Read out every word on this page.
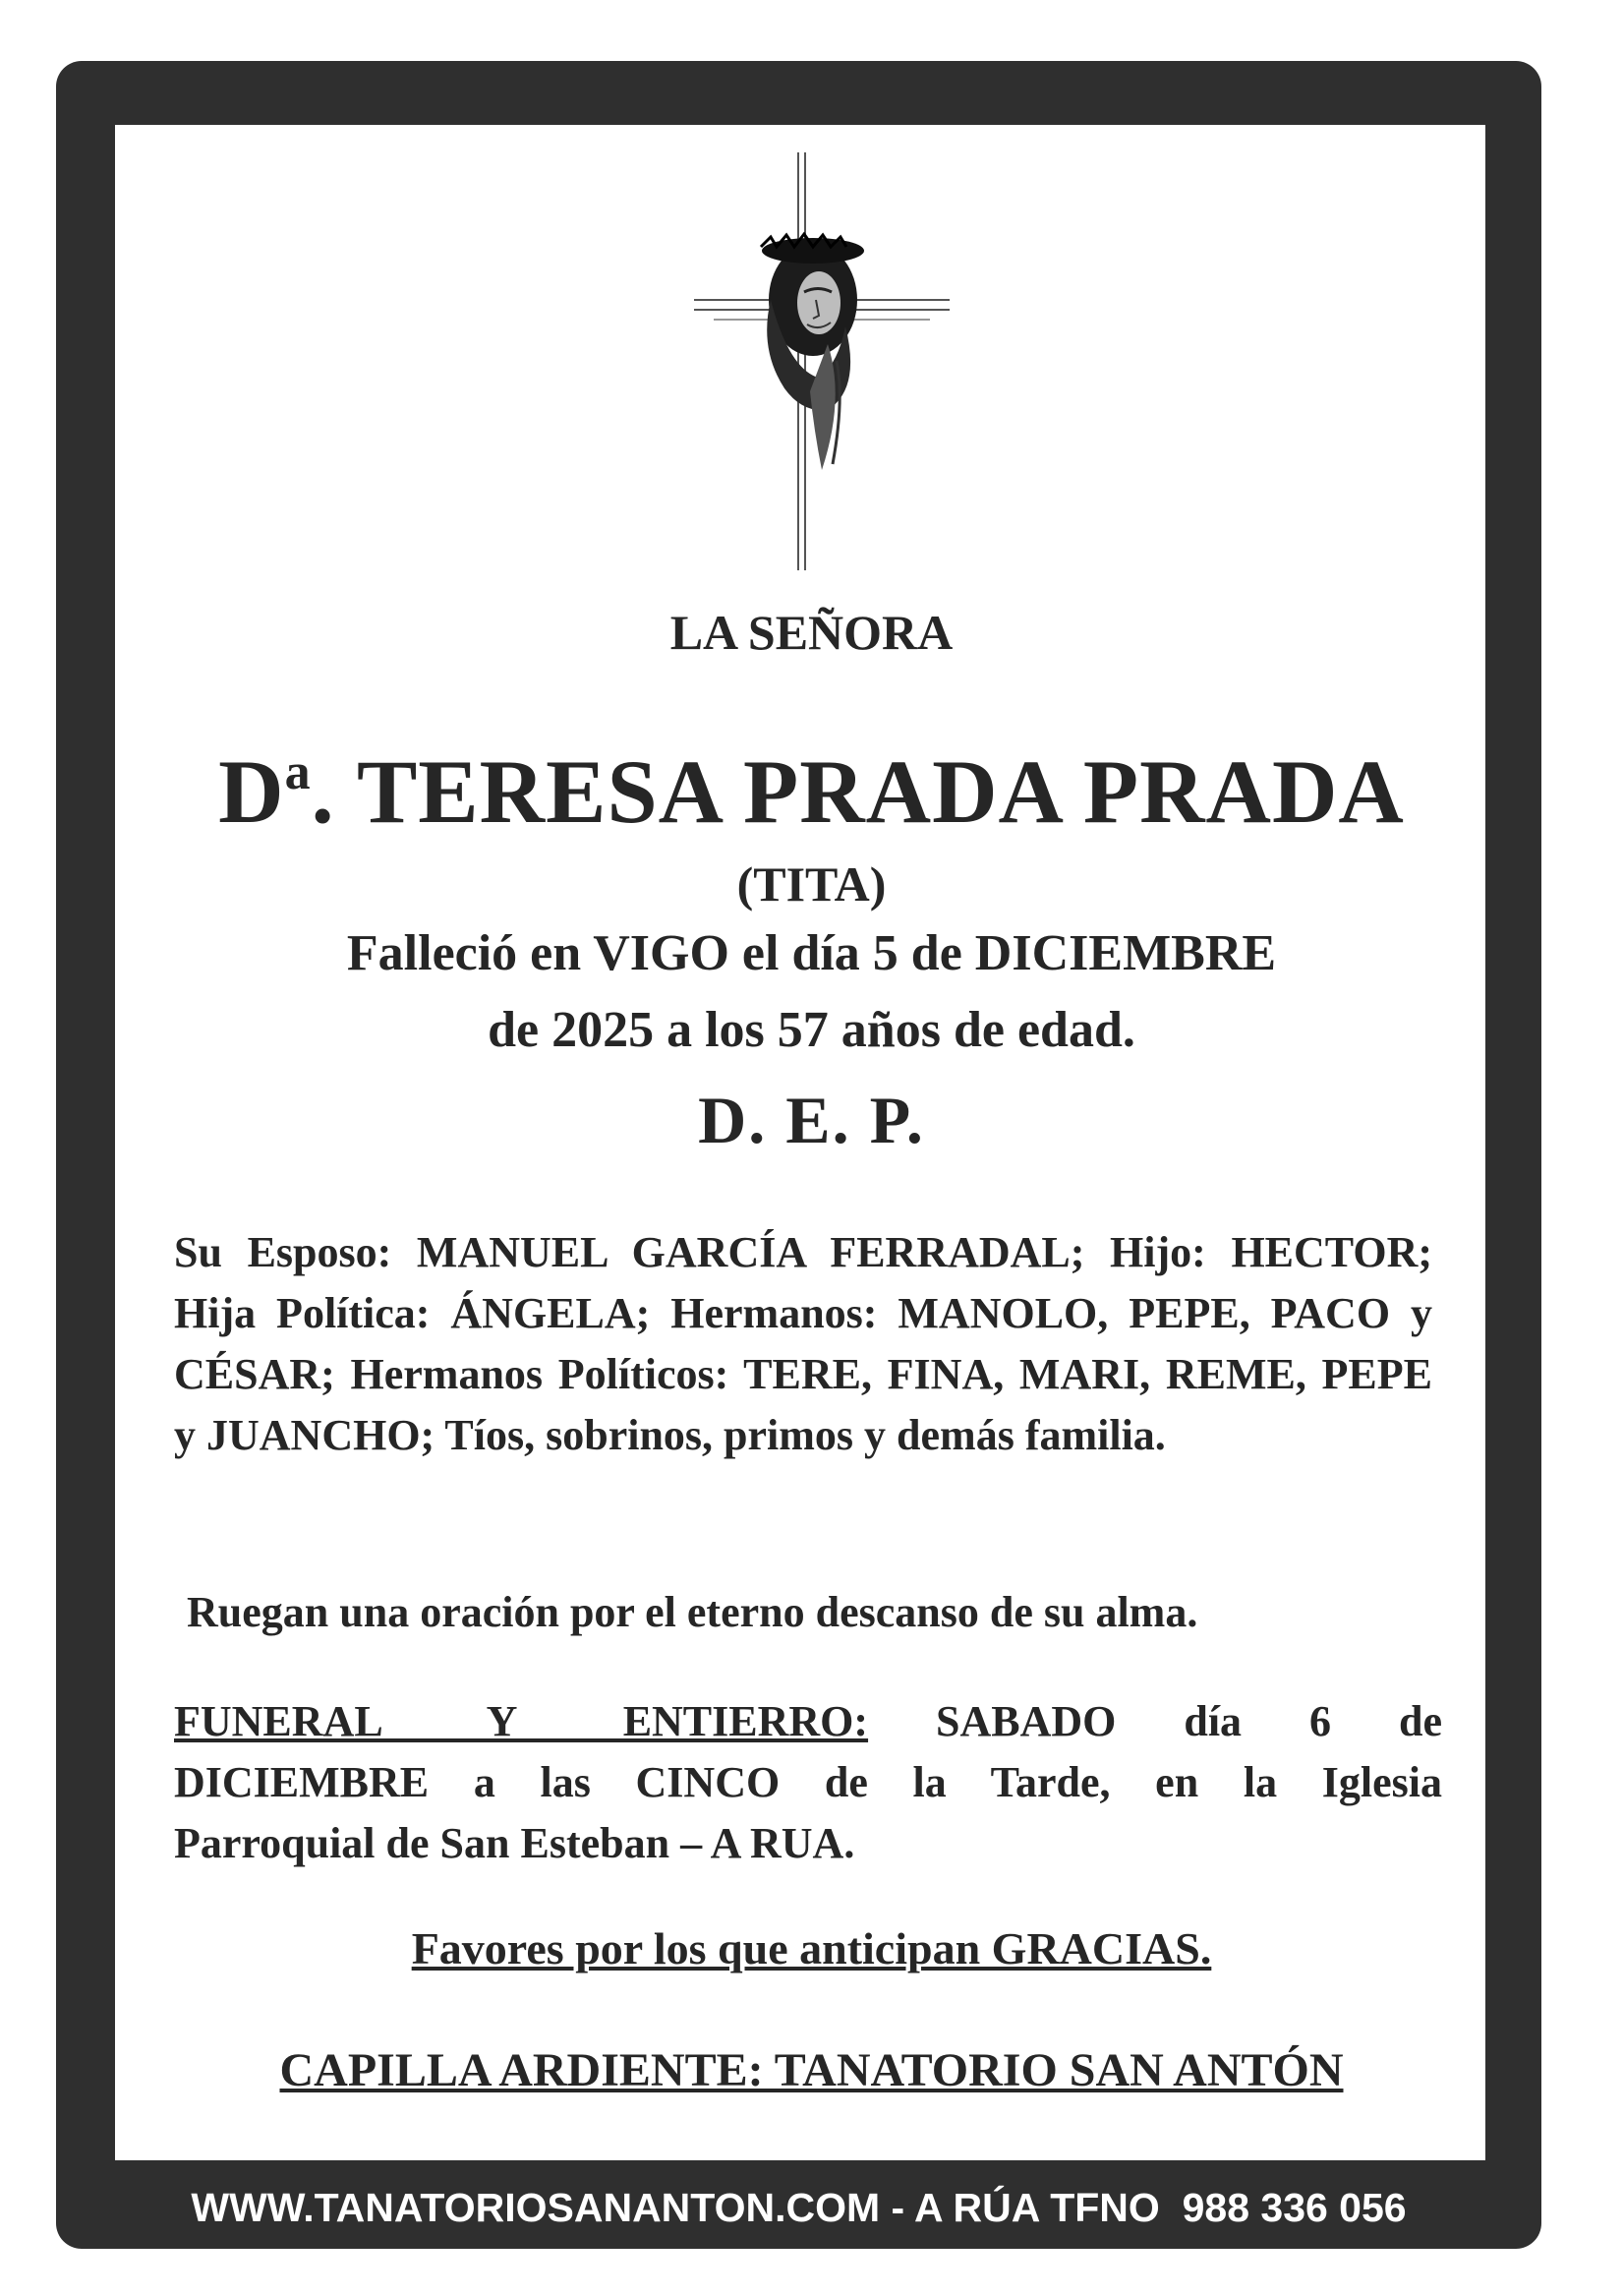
LA SEÑORA
$D^a$. TERESA PRADA PRADA
(TITA)
Falleció en VIGO el día 5 de DICIEMBRE
de 2025 a los 57 años de edad.
D. E. P.
Su Esposo: MANUEL GARCÍA FERRADAL; Hijo: HECTOR; Hija Política: ÁNGELA; Hermanos: MANOLO, PEPE, PACO y CÉSAR; Hermanos Políticos: TERE, FINA, MARI, REME, PEPE y JUANCHO; Tíos, sobrinos, primos y demás familia.
Ruegan una oración por el eterno descanso de su alma.
FUNERAL Y ENTIERRO: SABADO día 6 de
DICIEMBRE a las CINCO de la Tarde, en la Iglesia
Parroquial de San Esteban – A RUA.
Favores por los que anticipan GRACIAS.
CAPILLA ARDIENTE: TANATORIO SAN ANTÓN
WWW.TANATORIOSANANTON.COM - A RÚA TFNO  988 336 056
